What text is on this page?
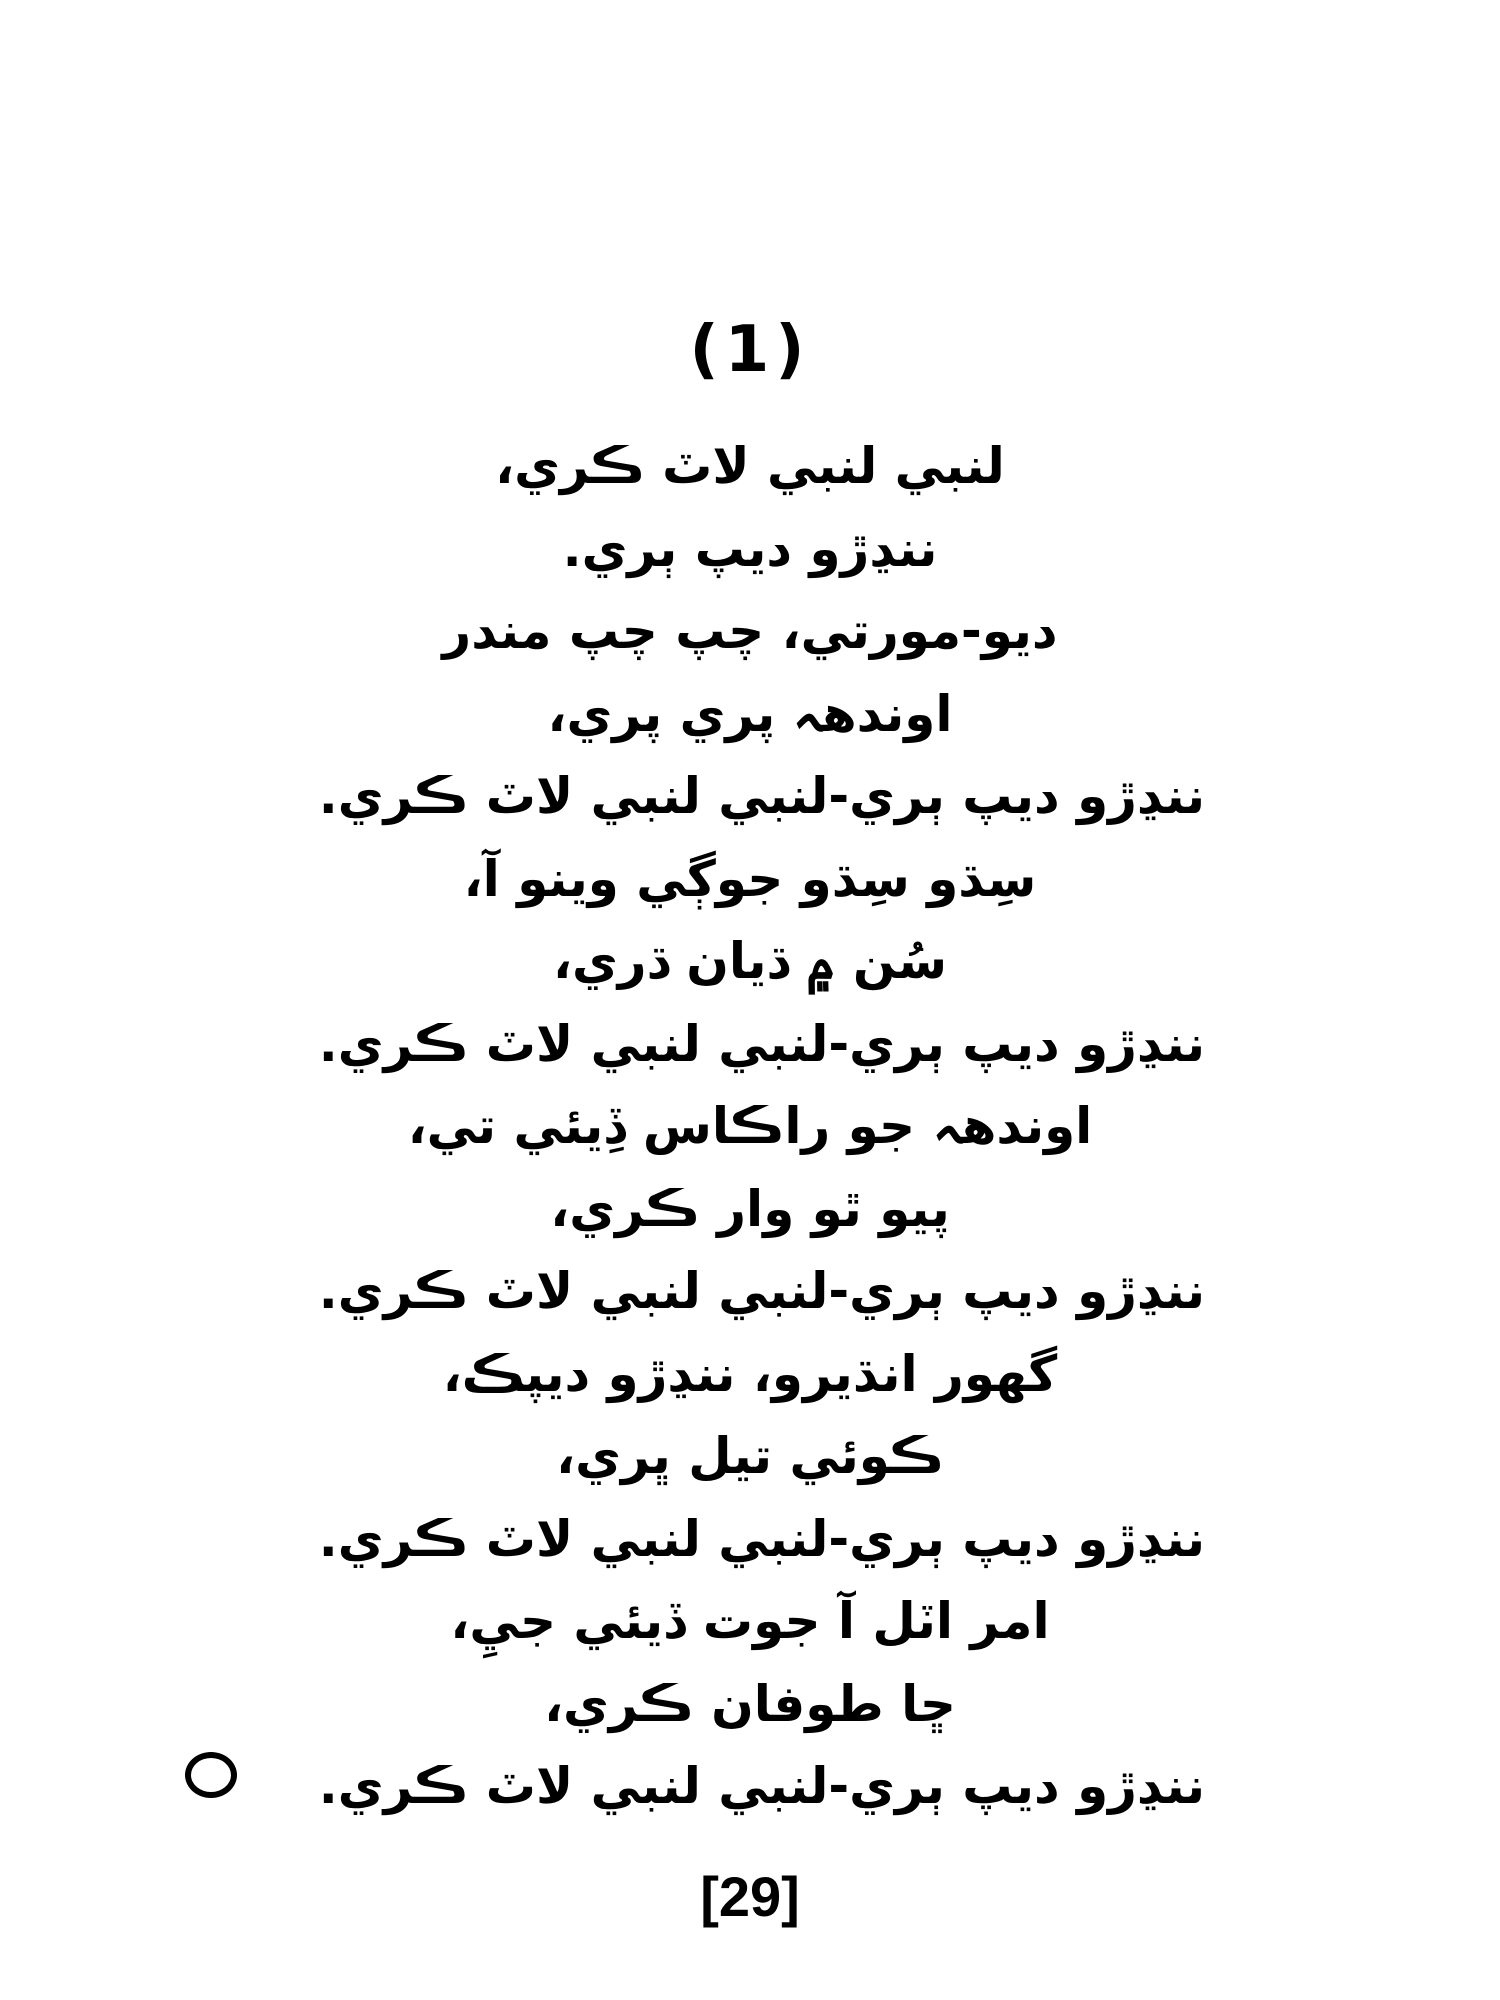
(1)
لنبي لنبي لاٽ ڪري،
ننڍڙو ديپ ٻري.
ديو-مورتي، چپ چپ مندر
اوندهہ پري پري،
ننڍڙو ديپ ٻري-لنبي لنبي لاٽ ڪري.
سِڌو سِڌو جوڳي وينو آ،
سُن ۾ ڌيان ڌري،
ننڍڙو ديپ ٻري-لنبي لنبي لاٽ ڪري.
اوندهہ جو راڪاس ڏِيئي تي،
پيو ٿو وار ڪري،
ننڍڙو ديپ ٻري-لنبي لنبي لاٽ ڪري.
گهور انڌيرو، ننڍڙو ديپڪ،
ڪوئي تيل ڀري،
ننڍڙو ديپ ٻري-لنبي لنبي لاٽ ڪري.
امر اٽل آ جوت ڏيئي جيِ،
ڇا طوفان ڪري،
ننڍڙو ديپ ٻري-لنبي لنبي لاٽ ڪري.
[29]
